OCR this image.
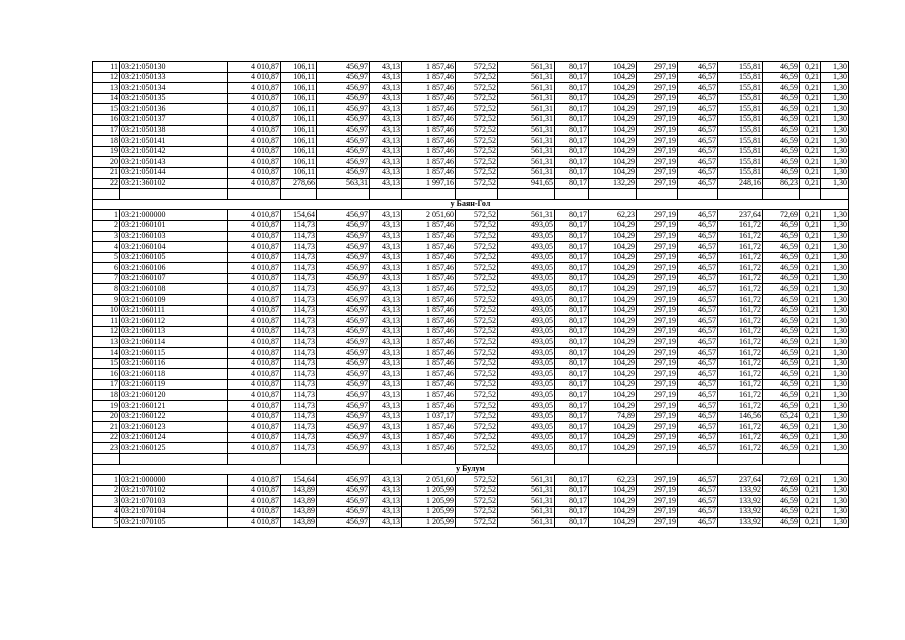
11	03:21:050130	4 010,87	106,11	456,97	43,13	1 857,46	572,52	561,31	80,17	104,29	297,19	46,57	155,81	46,59	0,21	1,30
12	03:21:050133	4 010,87	106,11	456,97	43,13	1 857,46	572,52	561,31	80,17	104,29	297,19	46,57	155,81	46,59	0,21	1,30
13	03:21:050134	4 010,87	106,11	456,97	43,13	1 857,46	572,52	561,31	80,17	104,29	297,19	46,57	155,81	46,59	0,21	1,30
14	03:21:050135	4 010,87	106,11	456,97	43,13	1 857,46	572,52	561,31	80,17	104,29	297,19	46,57	155,81	46,59	0,21	1,30
15	03:21:050136	4 010,87	106,11	456,97	43,13	1 857,46	572,52	561,31	80,17	104,29	297,19	46,57	155,81	46,59	0,21	1,30
16	03:21:050137	4 010,87	106,11	456,97	43,13	1 857,46	572,52	561,31	80,17	104,29	297,19	46,57	155,81	46,59	0,21	1,30
17	03:21:050138	4 010,87	106,11	456,97	43,13	1 857,46	572,52	561,31	80,17	104,29	297,19	46,57	155,81	46,59	0,21	1,30
18	03:21:050141	4 010,87	106,11	456,97	43,13	1 857,46	572,52	561,31	80,17	104,29	297,19	46,57	155,81	46,59	0,21	1,30
19	03:21:050142	4 010,87	106,11	456,97	43,13	1 857,46	572,52	561,31	80,17	104,29	297,19	46,57	155,81	46,59	0,21	1,30
20	03:21:050143	4 010,87	106,11	456,97	43,13	1 857,46	572,52	561,31	80,17	104,29	297,19	46,57	155,81	46,59	0,21	1,30
21	03:21:050144	4 010,87	106,11	456,97	43,13	1 857,46	572,52	561,31	80,17	104,29	297,19	46,57	155,81	46,59	0,21	1,30
22	03:21:360102	4 010,87	278,66	563,31	43,13	1 997,16	572,52	941,65	80,17	132,29	297,19	46,57	248,16	86,23	0,21	1,30

у Баян-Гол																
1	03:21:000000	4 010,87	154,64	456,97	43,13	2 051,60	572,52	561,31	80,17	62,23	297,19	46,57	237,64	72,69	0,21	1,30
2	03:21:060101	4 010,87	114,73	456,97	43,13	1 857,46	572,52	493,05	80,17	104,29	297,19	46,57	161,72	46,59	0,21	1,30
3	03:21:060103	4 010,87	114,73	456,97	43,13	1 857,46	572,52	493,05	80,17	104,29	297,19	46,57	161,72	46,59	0,21	1,30
4	03:21:060104	4 010,87	114,73	456,97	43,13	1 857,46	572,52	493,05	80,17	104,29	297,19	46,57	161,72	46,59	0,21	1,30
5	03:21:060105	4 010,87	114,73	456,97	43,13	1 857,46	572,52	493,05	80,17	104,29	297,19	46,57	161,72	46,59	0,21	1,30
6	03:21:060106	4 010,87	114,73	456,97	43,13	1 857,46	572,52	493,05	80,17	104,29	297,19	46,57	161,72	46,59	0,21	1,30
7	03:21:060107	4 010,87	114,73	456,97	43,13	1 857,46	572,52	493,05	80,17	104,29	297,19	46,57	161,72	46,59	0,21	1,30
8	03:21:060108	4 010,87	114,73	456,97	43,13	1 857,46	572,52	493,05	80,17	104,29	297,19	46,57	161,72	46,59	0,21	1,30
9	03:21:060109	4 010,87	114,73	456,97	43,13	1 857,46	572,52	493,05	80,17	104,29	297,19	46,57	161,72	46,59	0,21	1,30
10	03:21:060111	4 010,87	114,73	456,97	43,13	1 857,46	572,52	493,05	80,17	104,29	297,19	46,57	161,72	46,59	0,21	1,30
11	03:21:060112	4 010,87	114,73	456,97	43,13	1 857,46	572,52	493,05	80,17	104,29	297,19	46,57	161,72	46,59	0,21	1,30
12	03:21:060113	4 010,87	114,73	456,97	43,13	1 857,46	572,52	493,05	80,17	104,29	297,19	46,57	161,72	46,59	0,21	1,30
13	03:21:060114	4 010,87	114,73	456,97	43,13	1 857,46	572,52	493,05	80,17	104,29	297,19	46,57	161,72	46,59	0,21	1,30
14	03:21:060115	4 010,87	114,73	456,97	43,13	1 857,46	572,52	493,05	80,17	104,29	297,19	46,57	161,72	46,59	0,21	1,30
15	03:21:060116	4 010,87	114,73	456,97	43,13	1 857,46	572,52	493,05	80,17	104,29	297,19	46,57	161,72	46,59	0,21	1,30
16	03:21:060118	4 010,87	114,73	456,97	43,13	1 857,46	572,52	493,05	80,17	104,29	297,19	46,57	161,72	46,59	0,21	1,30
17	03:21:060119	4 010,87	114,73	456,97	43,13	1 857,46	572,52	493,05	80,17	104,29	297,19	46,57	161,72	46,59	0,21	1,30
18	03:21:060120	4 010,87	114,73	456,97	43,13	1 857,46	572,52	493,05	80,17	104,29	297,19	46,57	161,72	46,59	0,21	1,30
19	03:21:060121	4 010,87	114,73	456,97	43,13	1 857,46	572,52	493,05	80,17	104,29	297,19	46,57	161,72	46,59	0,21	1,30
20	03:21:060122	4 010,87	114,73	456,97	43,13	1 037,17	572,52	493,05	80,17	74,89	297,19	46,57	146,56	65,24	0,21	1,30
21	03:21:060123	4 010,87	114,73	456,97	43,13	1 857,46	572,52	493,05	80,17	104,29	297,19	46,57	161,72	46,59	0,21	1,30
22	03:21:060124	4 010,87	114,73	456,97	43,13	1 857,46	572,52	493,05	80,17	104,29	297,19	46,57	161,72	46,59	0,21	1,30
23	03:21:060125	4 010,87	114,73	456,97	43,13	1 857,46	572,52	493,05	80,17	104,29	297,19	46,57	161,72	46,59	0,21	1,30

у Булум																
1	03:21:000000	4 010,87	154,64	456,97	43,13	2 051,60	572,52	561,31	80,17	62,23	297,19	46,57	237,64	72,69	0,21	1,30
2	03:21:070102	4 010,87	143,89	456,97	43,13	1 205,99	572,52	561,31	80,17	104,29	297,19	46,57	133,92	46,59	0,21	1,30
3	03:21:070103	4 010,87	143,89	456,97	43,13	1 205,99	572,52	561,31	80,17	104,29	297,19	46,57	133,92	46,59	0,21	1,30
4	03:21:070104	4 010,87	143,89	456,97	43,13	1 205,99	572,52	561,31	80,17	104,29	297,19	46,57	133,92	46,59	0,21	1,30
5	03:21:070105	4 010,87	143,89	456,97	43,13	1 205,99	572,52	561,31	80,17	104,29	297,19	46,57	133,92	46,59	0,21	1,30
